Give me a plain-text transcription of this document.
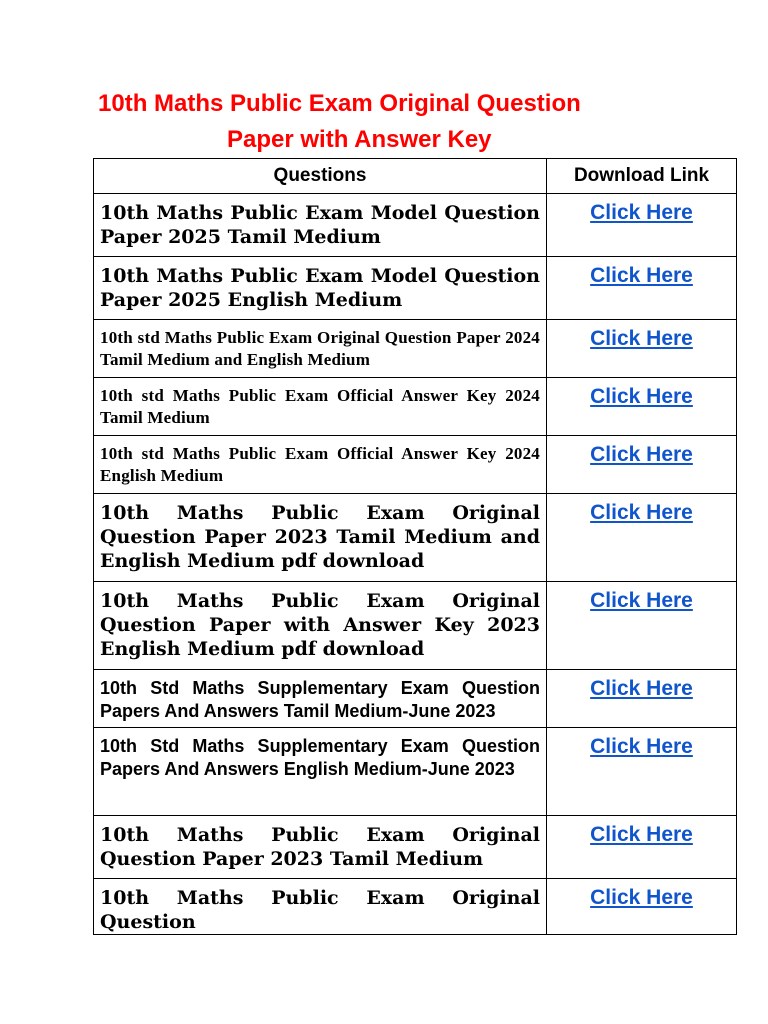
10th Maths Public Exam Original Question
Paper with Answer Key
Questions	Download Link
10th Maths Public Exam Model Question Paper 2025 Tamil Medium	Click Here
10th Maths Public Exam Model Question Paper 2025 English Medium	Click Here
10th std Maths Public Exam Original Question Paper 2024 Tamil Medium and English Medium	Click Here
10th std Maths Public Exam Official Answer Key 2024 Tamil Medium	Click Here
10th std Maths Public Exam Official Answer Key 2024 English Medium	Click Here
10th Maths Public Exam Original Question Paper 2023 Tamil Medium and English Medium pdf download	Click Here
10th Maths Public Exam Original Question Paper with Answer Key 2023 English Medium pdf download	Click Here
10th Std Maths Supplementary Exam Question Papers And Answers Tamil Medium-June 2023	Click Here
10th Std Maths Supplementary Exam Question Papers And Answers English Medium-June 2023	Click Here
10th Maths Public Exam Original Question Paper 2023 Tamil Medium	Click Here
10th Maths Public Exam Original Question	Click Here
